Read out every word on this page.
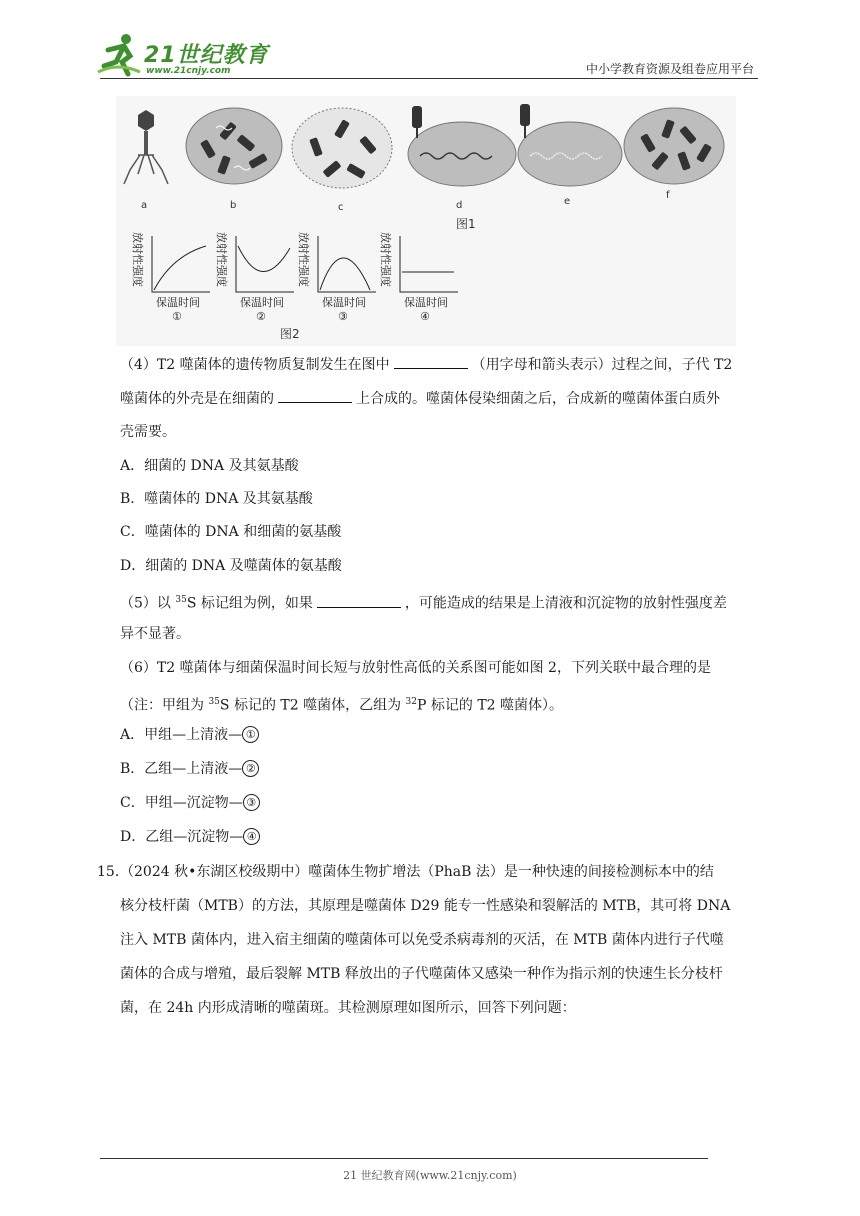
21世纪教育
www.21cnjy.com	中小学教育资源及组卷应用平台
a	b	c	d	e
f
图1
放射性强度
保温时间
①
放射性强度
保温时间
②
放射性强度
保温时间
③
放射性强度
保温时间
④
图2
（4）T2 噬菌体的遗传物质复制发生在图中	（用字母和箭头表示）过程之间，子代 T2
噬菌体的外壳是在细菌的	上合成的。噬菌体侵染细菌之后，合成新的噬菌体蛋白质外
壳需要。
A．细菌的 DNA 及其氨基酸
B．噬菌体的 DNA 及其氨基酸
C．噬菌体的 DNA 和细菌的氨基酸
D．细菌的 DNA 及噬菌体的氨基酸
（5）以 $^{35}$S 标记组为例，如果	，可能造成的结果是上清液和沉淀物的放射性强度差
异不显著。
（6）T2 噬菌体与细菌保温时间长短与放射性高低的关系图可能如图 2，下列关联中最合理的是
（注：甲组为 $^{35}$S 标记的 T2 噬菌体，乙组为 $^{32}$P 标记的 T2 噬菌体）。
A．甲组—上清液— ①
B．乙组—上清液— ②
C．甲组—沉淀物— ③
D．乙组—沉淀物— ④
15．
（2024 秋•东湖区校级期中）噬菌体生物扩增法（PhaB 法）是一种快速的间接检测标本中的结
核分枝杆菌（MTB）的方法，其原理是噬菌体 D29 能专一性感染和裂解活的 MTB，其可将 DNA
注入 MTB 菌体内，进入宿主细菌的噬菌体可以免受杀病毒剂的灭活，在 MTB 菌体内进行子代噬
菌体的合成与增殖，最后裂解 MTB 释放出的子代噬菌体又感染一种作为指示剂的快速生长分枝杆
菌，在 24h 内形成清晰的噬菌斑。其检测原理如图所示，回答下列问题：
21 世纪教育网(www.21cnjy.com)
